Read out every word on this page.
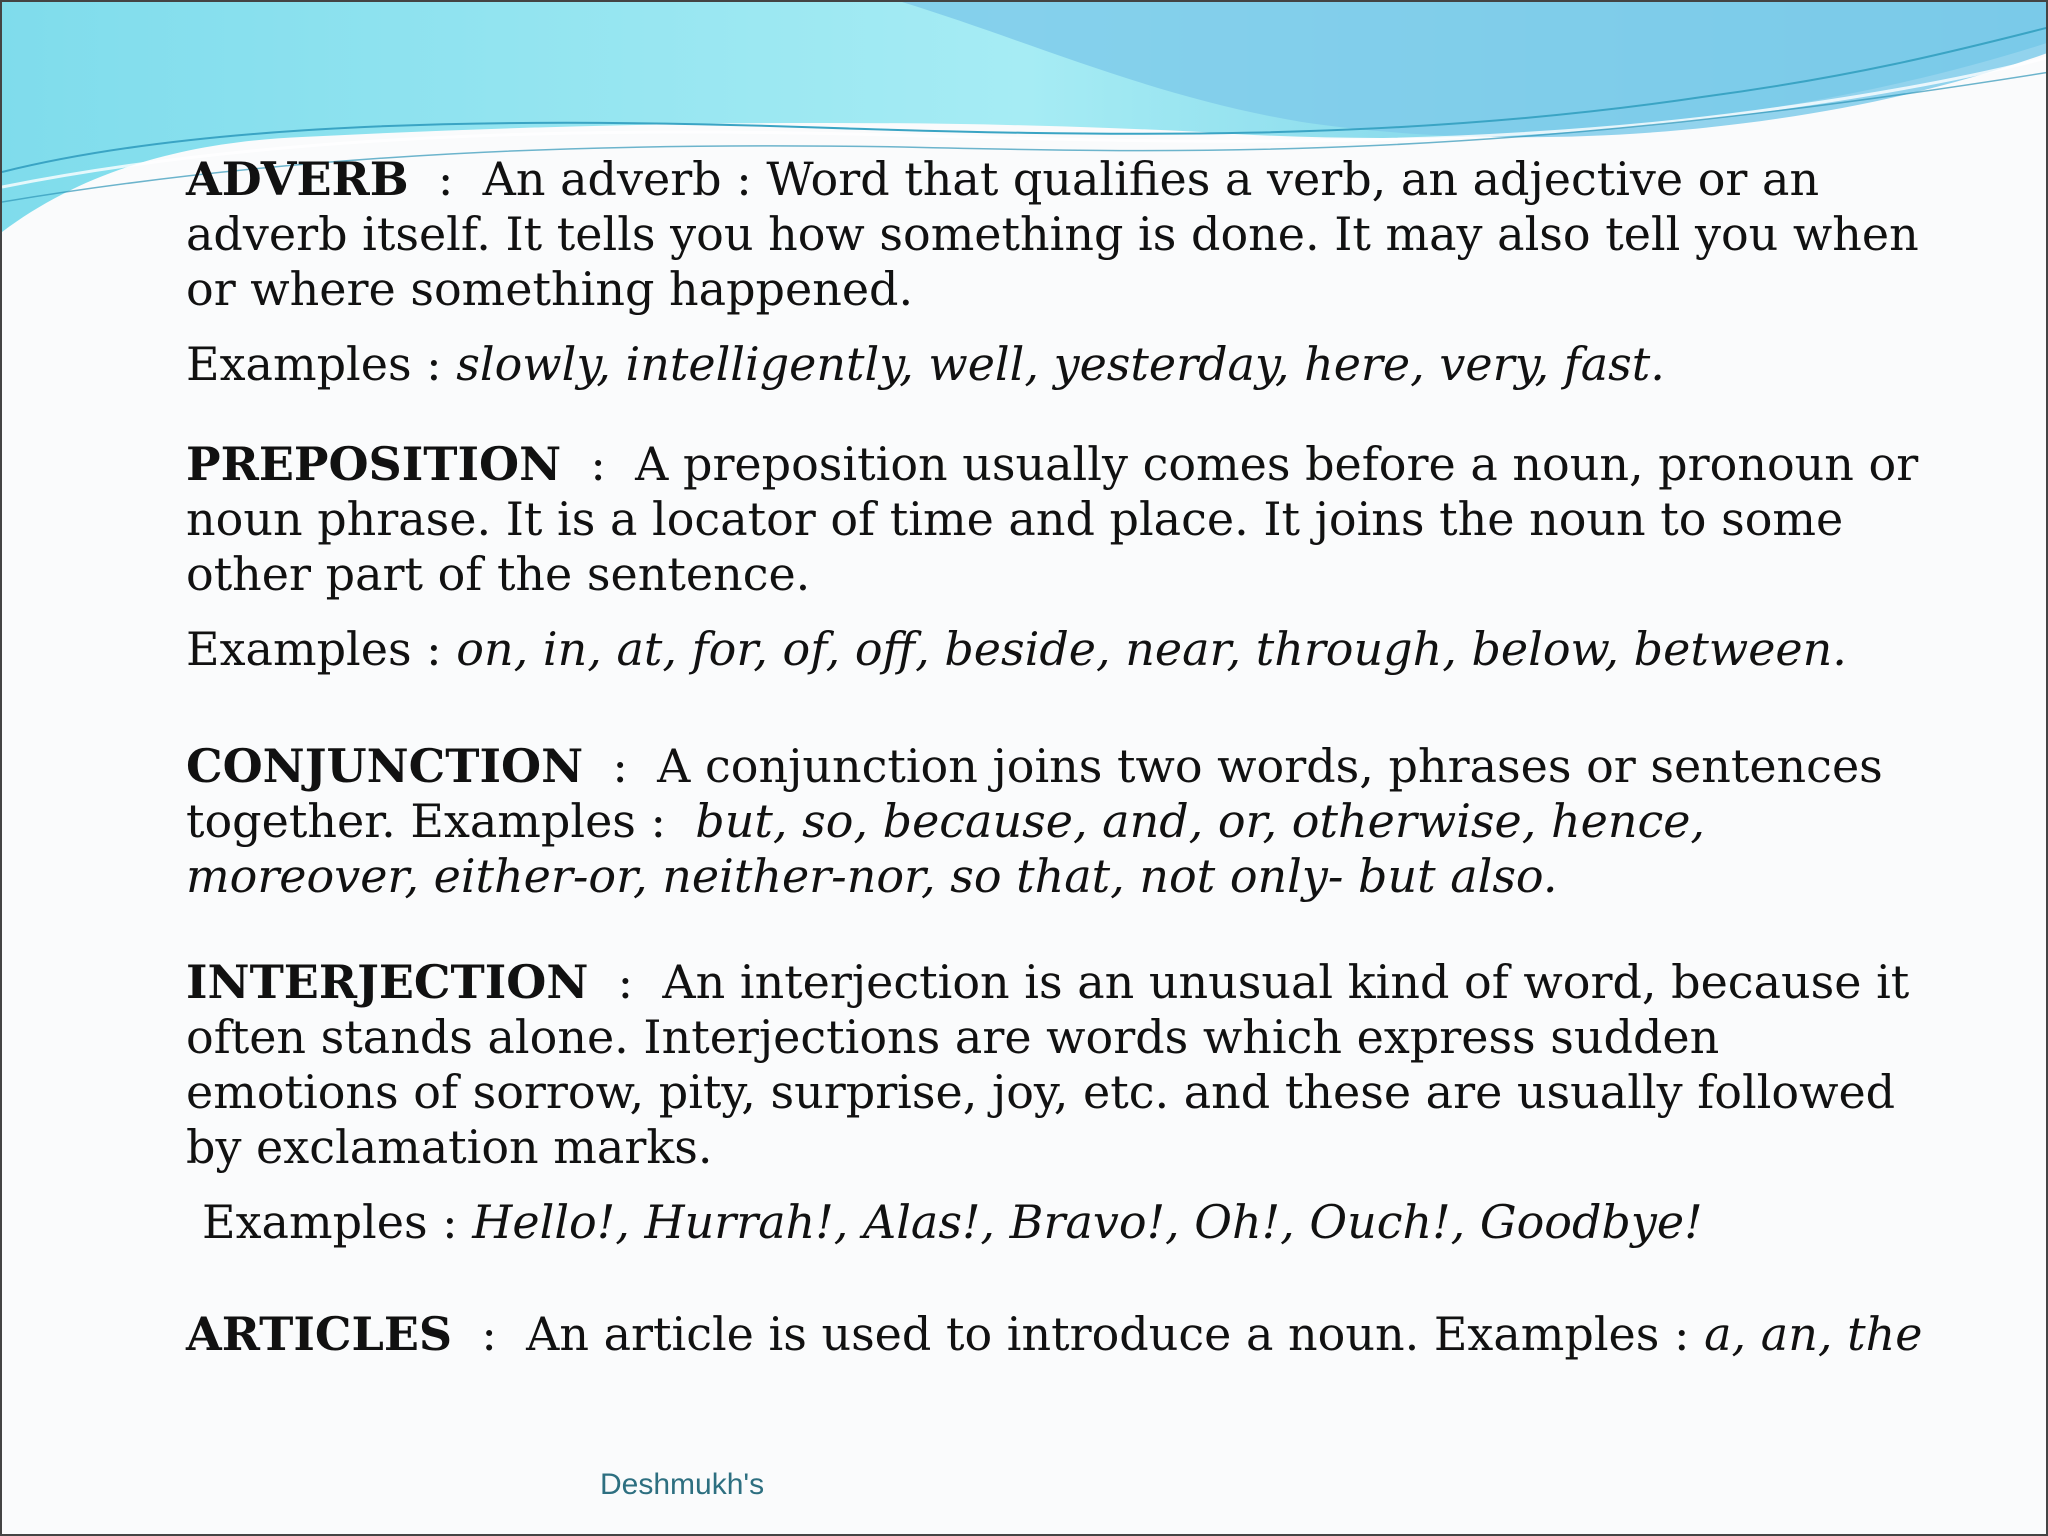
ADVERB  :  An adverb : Word that qualifies a verb, an adjective or an adverb itself. It tells you how something is done. It may also tell you when or where something happened.

Examples : slowly, intelligently, well, yesterday, here, very, fast.

PREPOSITION  :  A preposition usually comes before a noun, pronoun or noun phrase. It is a locator of time and place. It joins the noun to some other part of the sentence.

Examples : on, in, at, for, of, off, beside, near, through, below, between.

CONJUNCTION  :  A conjunction joins two words, phrases or sentences together. Examples :  but, so, because, and, or, otherwise, hence, moreover, either-or, neither-nor, so that, not only- but also.

INTERJECTION  :  An interjection is an unusual kind of word, because it often stands alone. Interjections are words which express sudden emotions of sorrow, pity, surprise, joy, etc. and these are usually followed by exclamation marks.

Examples : Hello!, Hurrah!, Alas!, Bravo!, Oh!, Ouch!, Goodbye!

ARTICLES  :  An article is used to introduce a noun. Examples : a, an, the

Deshmukh's
